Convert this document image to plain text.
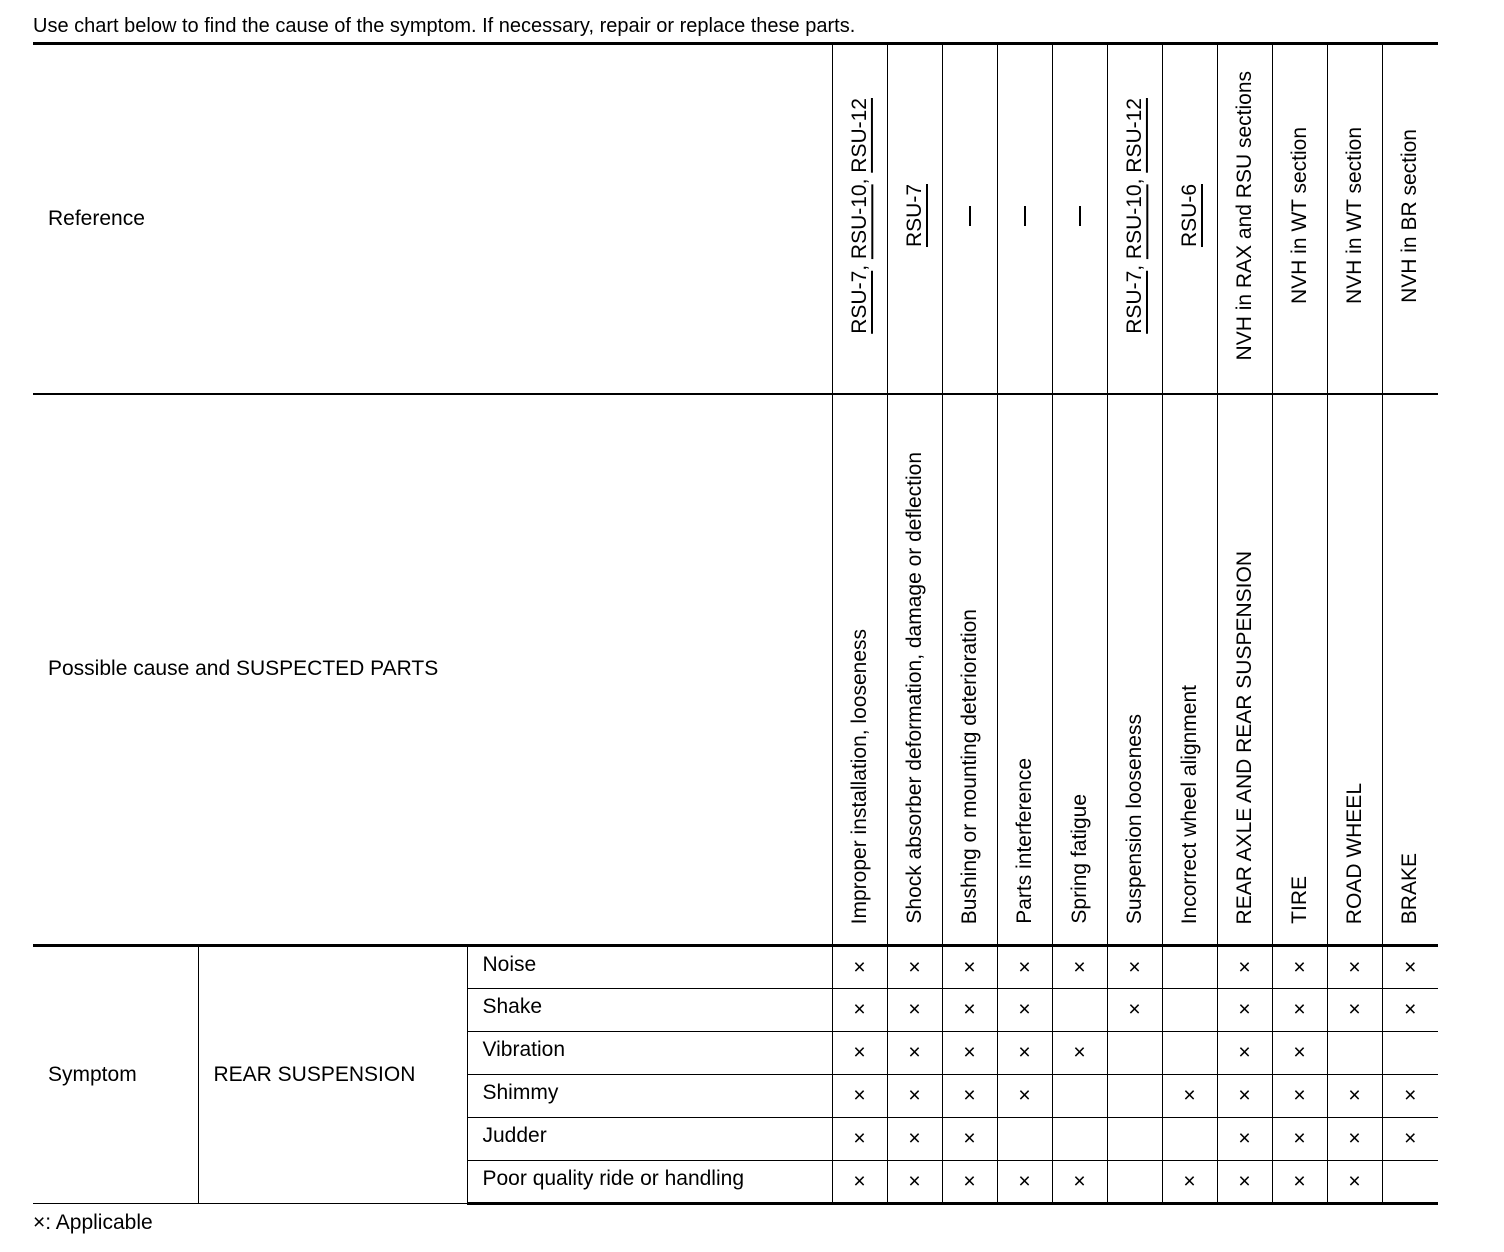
Use chart below to find the cause of the symptom. If necessary, repair or replace these parts.
Reference			RSU-7, RSU-10, RSU-12	RSU-7				RSU-7, RSU-10, RSU-12	RSU-6	NVH in RAX and RSU sections	NVH in WT section	NVH in WT section	NVH in BR section
Possible cause and SUSPECTED PARTS			Improper installation, looseness	Shock absorber deformation, damage or deflection	Bushing or mounting deterioration	Parts interference	Spring fatigue	Suspension looseness	Incorrect wheel alignment	REAR AXLE AND REAR SUSPENSION	TIRE	ROAD WHEEL	BRAKE
Symptom	REAR SUSPENSION	Noise	×	×	×	×	×	×		×	×	×	×
		Shake	×	×	×	×		×		×	×	×	×
		Vibration	×	×	×	×	×			×	×		
		Shimmy	×	×	×	×			×	×	×	×	×
		Judder	×	×	×					×	×	×	×
		Poor quality ride or handling	×	×	×	×	×		×	×	×	×	
×: Applicable
